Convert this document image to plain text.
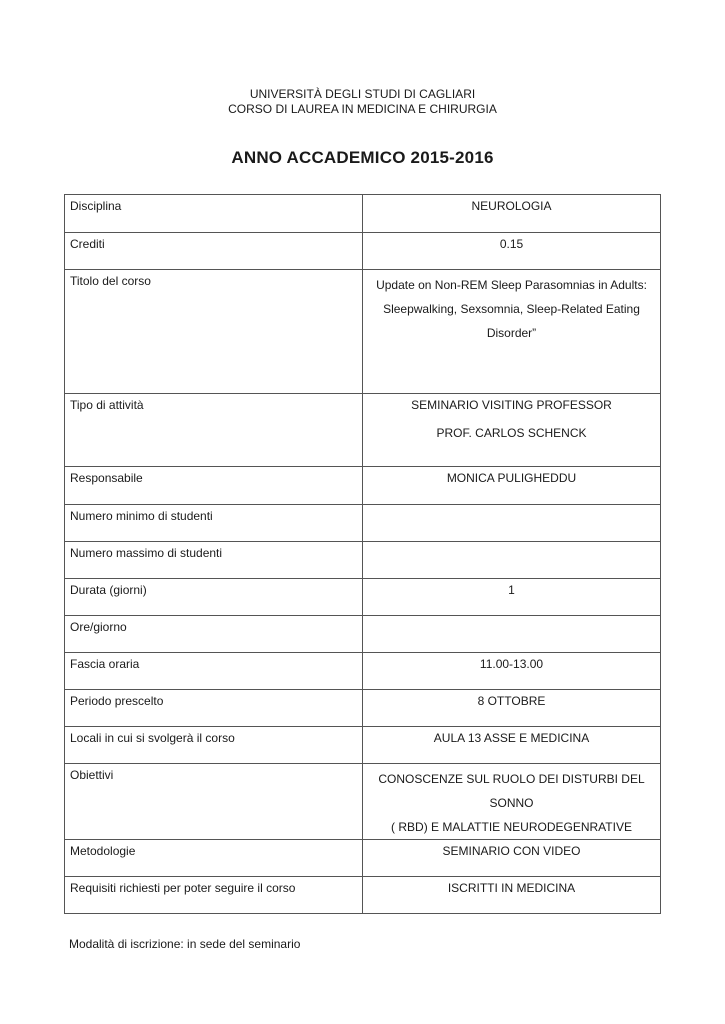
UNIVERSITÀ DEGLI STUDI DI CAGLIARI
CORSO DI LAUREA IN MEDICINA E CHIRURGIA
ANNO ACCADEMICO 2015-2016
Disciplina	NEUROLOGIA

Crediti	0.15

Titolo del corso	Update on Non-REM Sleep Parasomnias in Adults:
Sleepwalking, Sexsomnia, Sleep-Related Eating
Disorder”

Tipo di attività	SEMINARIO VISITING PROFESSOR
PROF. CARLOS SCHENCK

Responsabile	MONICA PULIGHEDDU

Numero minimo di studenti	

Numero massimo di studenti	

Durata (giorni)	1

Ore/giorno	

Fascia oraria	11.00-13.00

Periodo prescelto	8 OTTOBRE

Locali in cui si svolgerà il corso	AULA 13 ASSE E MEDICINA

Obiettivi	CONOSCENZE SUL RUOLO DEI DISTURBI DEL SONNO
( RBD) E MALATTIE NEURODEGENRATIVE

Metodologie	SEMINARIO CON VIDEO

Requisiti richiesti per poter seguire il corso	ISCRITTI IN MEDICINA
Modalità di iscrizione: in sede del seminario
